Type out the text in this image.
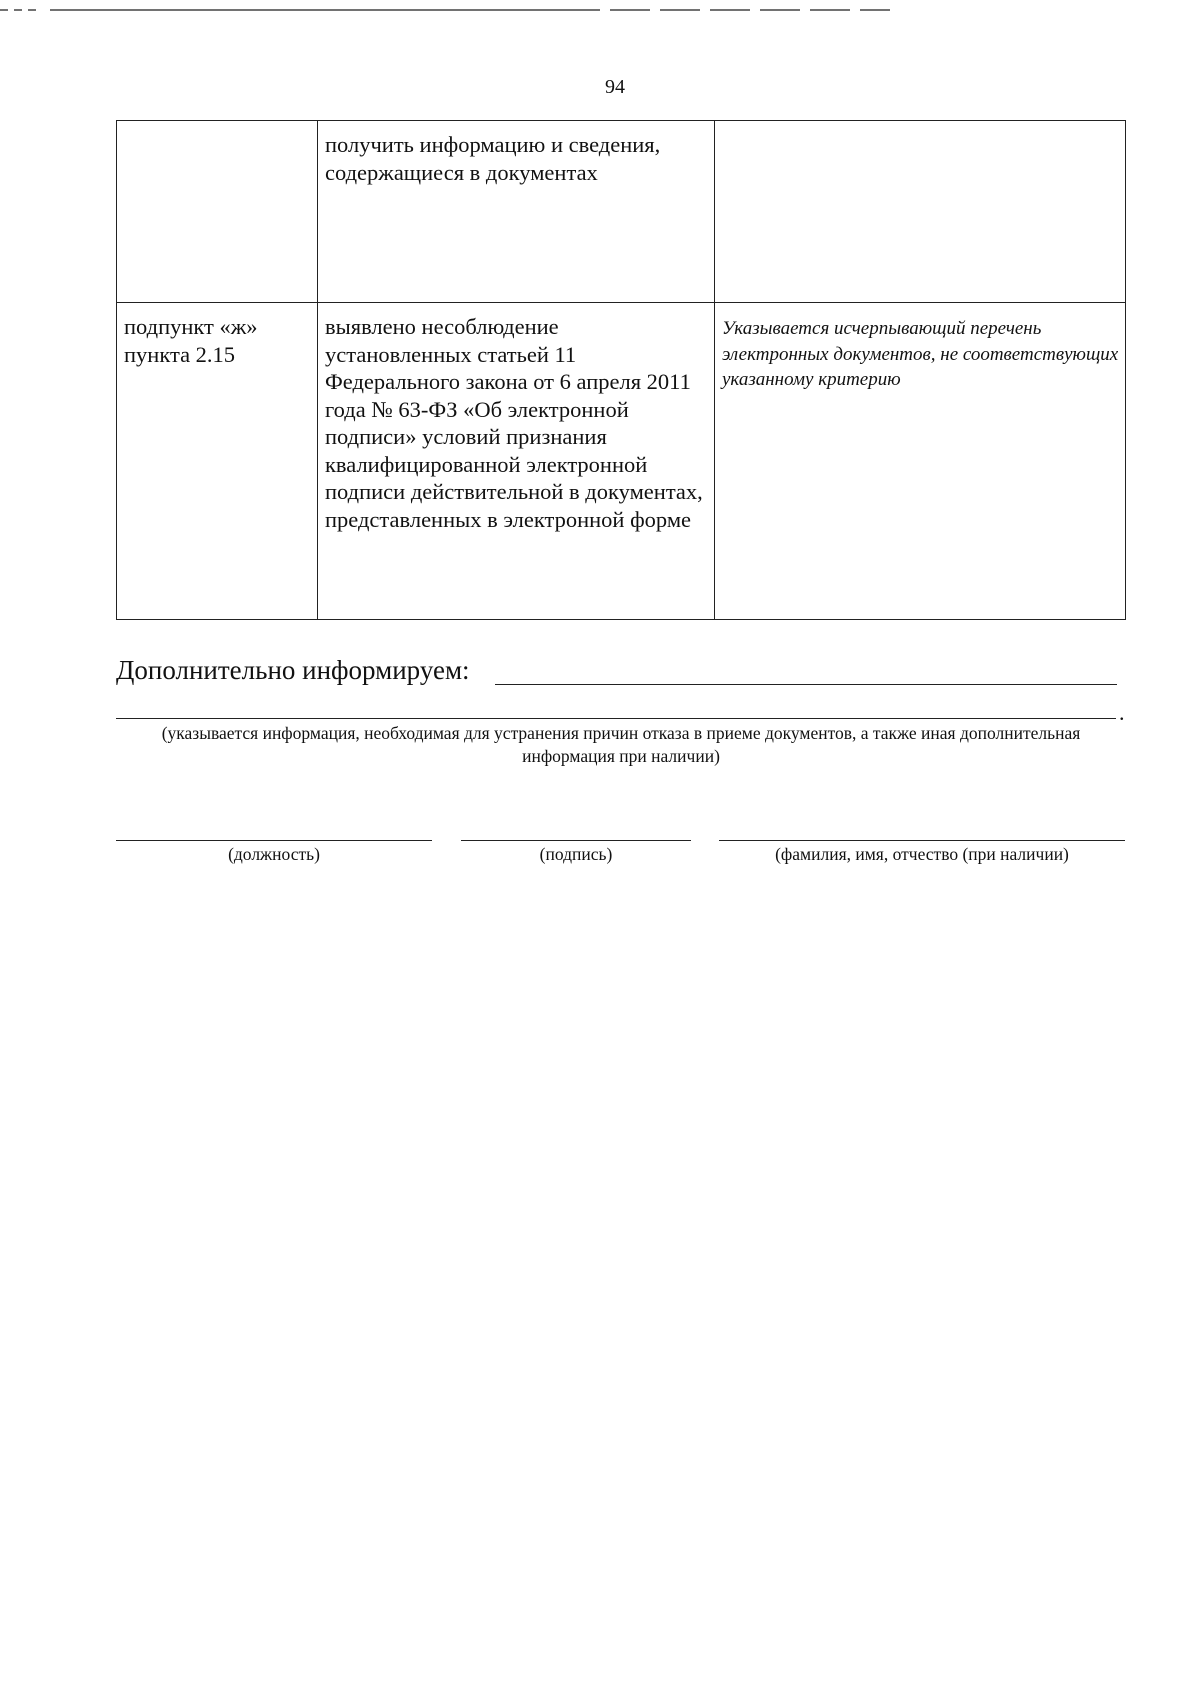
94
	получить информацию и сведения, содержащиеся в документах	
подпункт «ж» пункта 2.15	выявлено несоблюдение установленных статьей 11 Федерального закона от 6 апреля 2011 года № 63-ФЗ «Об электронной подписи» условий признания квалифицированной электронной подписи действительной в документах, представленных в электронной форме	Указывается исчерпывающий перечень электронных документов, не соответствующих указанному критерию
Дополнительно информируем:
.
(указывается информация, необходимая для устранения причин отказа в приеме документов, а также иная дополнительная информация при наличии)
(должность)	(подпись)	(фамилия, имя, отчество (при наличии)
